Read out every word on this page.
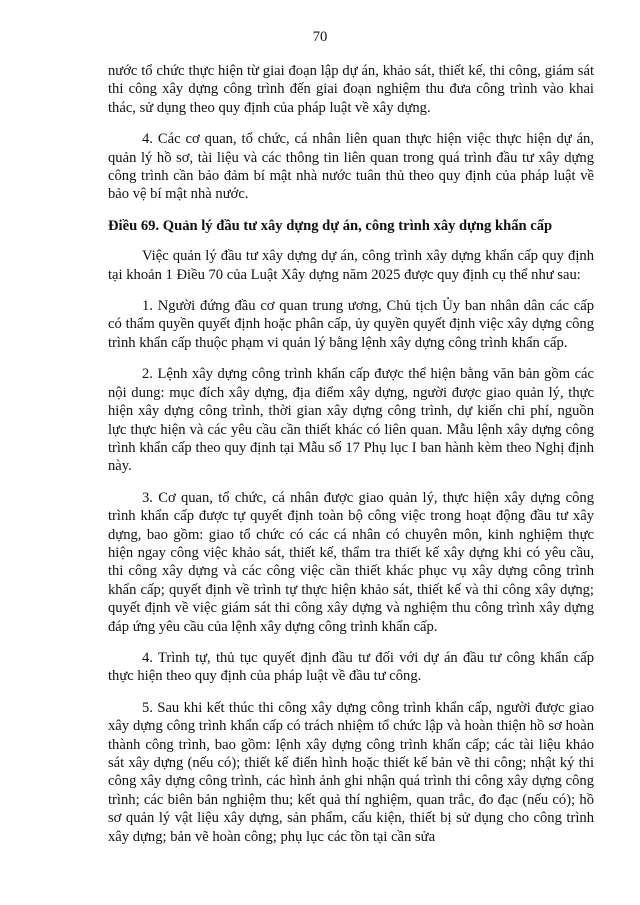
70

nước tổ chức thực hiện từ giai đoạn lập dự án, khảo sát, thiết kế, thi công, giám sát thi công xây dựng công trình đến giai đoạn nghiệm thu đưa công trình vào khai thác, sử dụng theo quy định của pháp luật về xây dựng.

4. Các cơ quan, tổ chức, cá nhân liên quan thực hiện việc thực hiện dự án, quản lý hồ sơ, tài liệu và các thông tin liên quan trong quá trình đầu tư xây dựng công trình cần bảo đảm bí mật nhà nước tuân thủ theo quy định của pháp luật về bảo vệ bí mật nhà nước.

Điều 69. Quản lý đầu tư xây dựng dự án, công trình xây dựng khẩn cấp

Việc quản lý đầu tư xây dựng dự án, công trình xây dựng khẩn cấp quy định tại khoản 1 Điều 70 của Luật Xây dựng năm 2025 được quy định cụ thể như sau:

1. Người đứng đầu cơ quan trung ương, Chủ tịch Ủy ban nhân dân các cấp có thẩm quyền quyết định hoặc phân cấp, ủy quyền quyết định việc xây dựng công trình khẩn cấp thuộc phạm vi quản lý bằng lệnh xây dựng công trình khẩn cấp.

2. Lệnh xây dựng công trình khẩn cấp được thể hiện bằng văn bản gồm các nội dung: mục đích xây dựng, địa điểm xây dựng, người được giao quản lý, thực hiện xây dựng công trình, thời gian xây dựng công trình, dự kiến chi phí, nguồn lực thực hiện và các yêu cầu cần thiết khác có liên quan. Mẫu lệnh xây dựng công trình khẩn cấp theo quy định tại Mẫu số 17 Phụ lục I ban hành kèm theo Nghị định này.

3. Cơ quan, tổ chức, cá nhân được giao quản lý, thực hiện xây dựng công trình khẩn cấp được tự quyết định toàn bộ công việc trong hoạt động đầu tư xây dựng, bao gồm: giao tổ chức có các cá nhân có chuyên môn, kinh nghiệm thực hiện ngay công việc khảo sát, thiết kế, thẩm tra thiết kế xây dựng khi có yêu cầu, thi công xây dựng và các công việc cần thiết khác phục vụ xây dựng công trình khẩn cấp; quyết định về trình tự thực hiện khảo sát, thiết kế và thi công xây dựng; quyết định về việc giám sát thi công xây dựng và nghiệm thu công trình xây dựng đáp ứng yêu cầu của lệnh xây dựng công trình khẩn cấp.

4. Trình tự, thủ tục quyết định đầu tư đối với dự án đầu tư công khẩn cấp thực hiện theo quy định của pháp luật về đầu tư công.

5. Sau khi kết thúc thi công xây dựng công trình khẩn cấp, người được giao xây dựng công trình khẩn cấp có trách nhiệm tổ chức lập và hoàn thiện hồ sơ hoàn thành công trình, bao gồm: lệnh xây dựng công trình khẩn cấp; các tài liệu khảo sát xây dựng (nếu có); thiết kế điển hình hoặc thiết kế bản vẽ thi công; nhật ký thi công xây dựng công trình, các hình ảnh ghi nhận quá trình thi công xây dựng công trình; các biên bản nghiệm thu; kết quả thí nghiệm, quan trắc, đo đạc (nếu có); hồ sơ quản lý vật liệu xây dựng, sản phẩm, cấu kiện, thiết bị sử dụng cho công trình xây dựng; bản vẽ hoàn công; phụ lục các tồn tại cần sửa
